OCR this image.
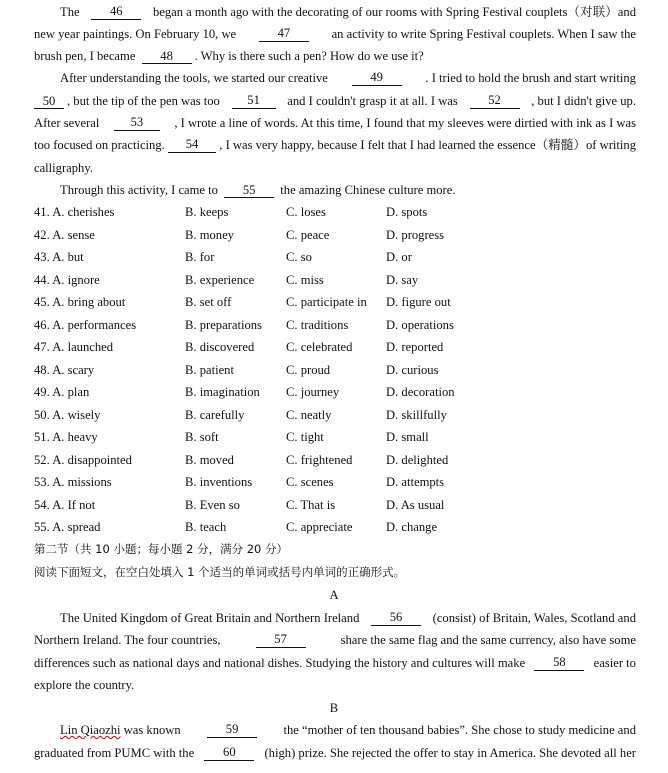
The	46	began a month ago with the decorating of our rooms with Spring Festival couplets（对联）and
new year paintings. On February 10, we	47	an activity to write Spring Festival couplets. When I saw the
brush pen, I became 48 . Why is there such a pen? How do we use it?
After understanding the tools, we started our creative	49	. I tried to hold the brush and start writing
50 , but the tip of the pen was too	51	and I couldn't grasp it at all. I was	52	, but I didn't give up.
After several	53	, I wrote a line of words. At this time, I found that my sleeves were dirtied with ink as I was
too focused on practicing.	54	, I was very happy, because I felt that I had learned the essence（精髓）of writing
calligraphy.
Through this activity, I came to 55 the amazing Chinese culture more.
41. A. cherishes	B. keeps	C. loses	D. spots
42. A. sense	B. money	C. peace	D. progress
43. A. but	B. for	C. so	D. or
44. A. ignore	B. experience	C. miss	D. say
45. A. bring about	B. set off	C. participate in D. figure out
46. A. performances	B. preparations C. traditions	D. operations
47. A. launched	B. discovered	C. celebrated	D. reported
48. A. scary	B. patient	C. proud	D. curious
49. A. plan	B. imagination C. journey	D. decoration
50. A. wisely	B. carefully	C. neatly	D. skillfully
51. A. heavy	B. soft	C. tight	D. small
52. A. disappointed	B. moved	C. frightened	D. delighted
53. A. missions	B. inventions	C. scenes	D. attempts
54. A. If not	B. Even so	C. That is	D. As usual
55. A. spread	B. teach	C. appreciate	D. change
第二节（共 10 小题；每小题 2 分，满分 20 分）
阅读下面短文，在空白处填入 1 个适当的单词或括号内单词的正确形式。
A
The United Kingdom of Great Britain and Northern Ireland	56	(consist) of Britain, Wales, Scotland and
Northern Ireland. The four countries,	57	share the same flag and the same currency, also have some
differences such as national days and national dishes. Studying the history and cultures will make	58	easier to
explore the country.
B
Lin Qiaozhi was known	59	the “mother of ten thousand babies”. She chose to study medicine and
graduated from PUMC with the	60	(high) prize. She rejected the offer to stay in America. She devoted all her
